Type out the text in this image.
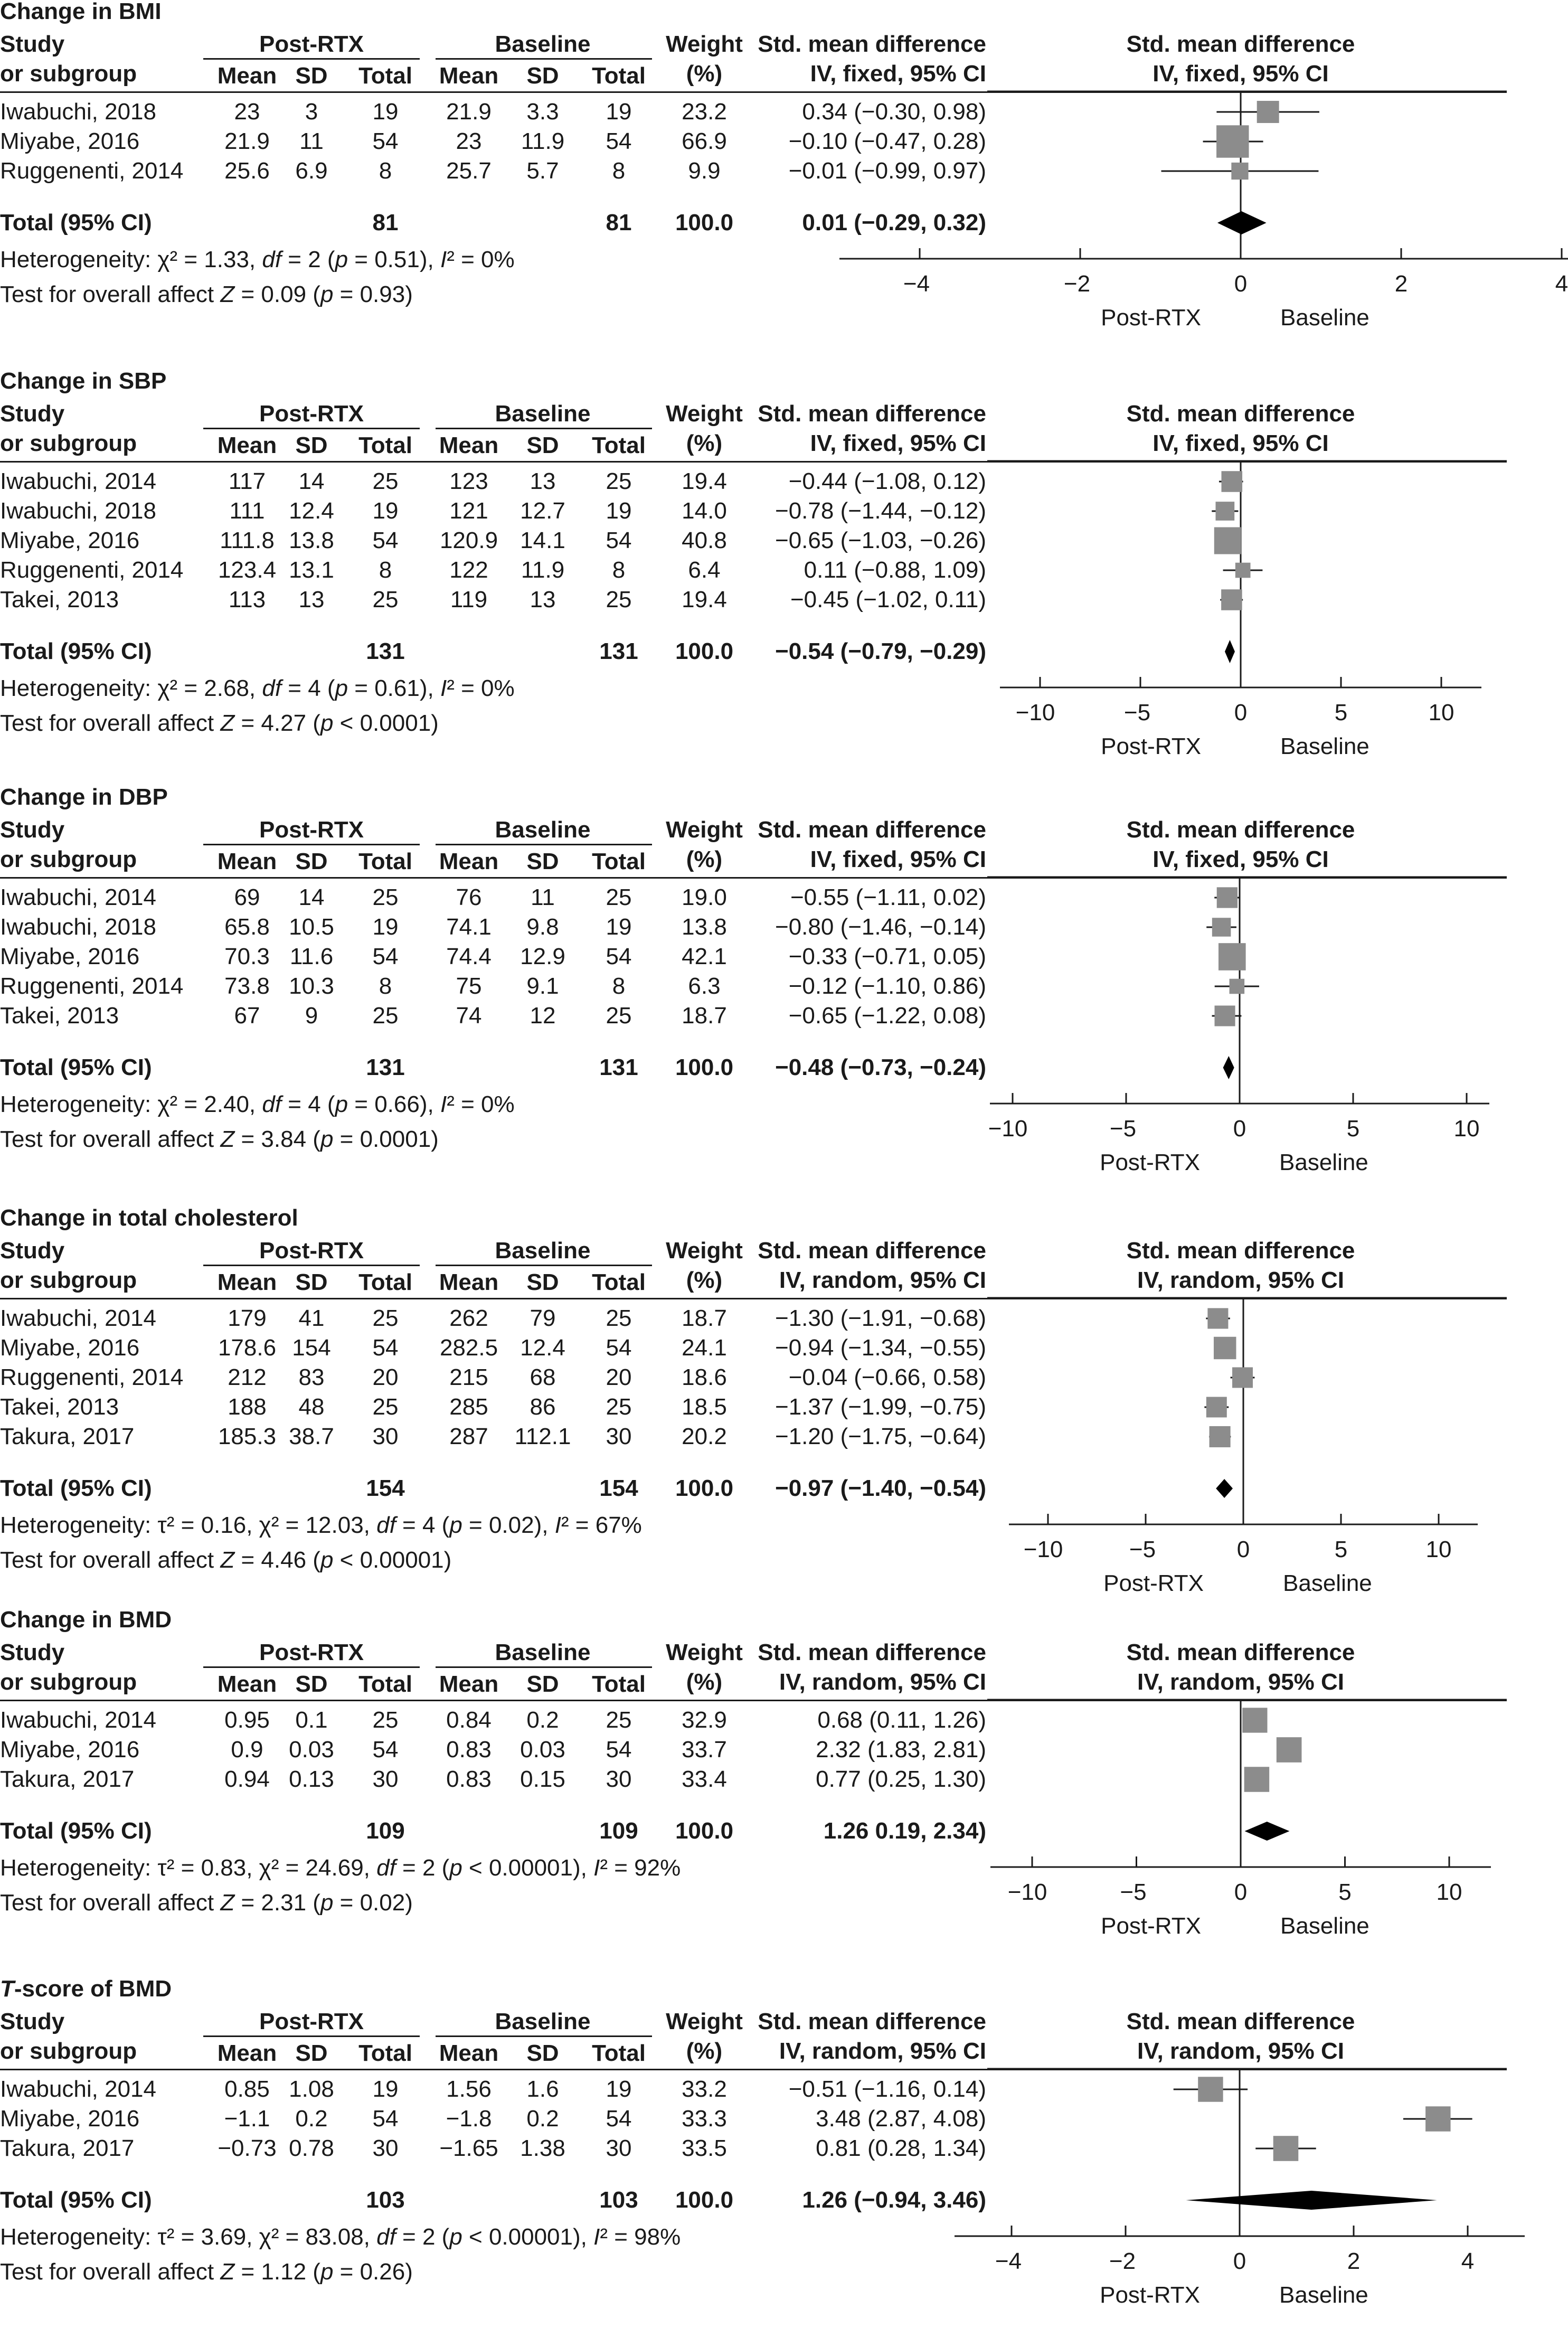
Change in BMI
Study
or subgroup
Post-RTX	Baseline
Mean SD Total Mean SD Total
Weight
(%)
Std. mean difference
IV, fixed, 95% CI
Std. mean difference
IV, fixed, 95% CI
Iwabuchi, 2018	23 3 19 21.9 3.3 19 23.2	0.34 (−0.30, 0.98)
Miyabe, 2016	21.9 11 54 23 11.9 54 66.9	−0.10 (−0.47, 0.28)
Ruggenenti, 2014 25.6 6.9 8 25.7 5.7 8	9.9	−0.01 (−0.99, 0.97)
Total (95% CI)	81	81 100.0	0.01 (−0.29, 0.32)
Heterogeneity: χ² = 1.33, df = 2 (p = 0.51), I² = 0%
Test for overall affect Z = 0.09 (p = 0.93)	−4	−2	0	2	4
Post-RTX	Baseline
Change in SBP
Study
or subgroup
Post-RTX	Baseline
Mean SD Total Mean SD Total
Weight
(%)
Std. mean difference
IV, fixed, 95% CI
Std. mean difference
IV, fixed, 95% CI
Iwabuchi, 2014	117 14 25 123 13 25 19.4	−0.44 (−1.08, 0.12)
Iwabuchi, 2018	111 12.4 19 121 12.7 19 14.0 −0.78 (−1.44, −0.12)
Miyabe, 2016	111.8 13.8 54 120.9 14.1 54 40.8 −0.65 (−1.03, −0.26)
Ruggenenti, 2014 123.4 13.1 8 122 11.9 8	6.4	0.11 (−0.88, 1.09)
Takei, 2013	113 13 25 119 13 25 19.4	−0.45 (−1.02, 0.11)
Total (95% CI)	131	131 100.0 −0.54 (−0.79, −0.29)
Heterogeneity: χ² = 2.68, df = 4 (p = 0.61), I² = 0%
Test for overall affect Z = 4.27 (p < 0.0001)	−10	−5	0	5	10
Post-RTX	Baseline
Change in DBP
Study
or subgroup
Post-RTX	Baseline
Mean SD Total Mean SD Total
Weight
(%)
Std. mean difference
IV, fixed, 95% CI
Std. mean difference
IV, fixed, 95% CI
Iwabuchi, 2014	69 14 25 76 11 25 19.0	−0.55 (−1.11, 0.02)
Iwabuchi, 2018	65.8 10.5 19 74.1 9.8 19 13.8 −0.80 (−1.46, −0.14)
Miyabe, 2016	70.3 11.6 54 74.4 12.9 54 42.1	−0.33 (−0.71, 0.05)
Ruggenenti, 2014 73.8 10.3 8	75 9.1 8	6.3	−0.12 (−1.10, 0.86)
Takei, 2013	67 9 25 74 12 25 18.7	−0.65 (−1.22, 0.08)
Total (95% CI)	131	131 100.0 −0.48 (−0.73, −0.24)
Heterogeneity: χ² = 2.40, df = 4 (p = 0.66), I² = 0%
Test for overall affect Z = 3.84 (p = 0.0001)	−10	−5	0	5	10
Post-RTX	Baseline
Change in total cholesterol
Study
or subgroup
Post-RTX	Baseline
Mean SD Total Mean SD Total
Weight
(%)
Std. mean difference
IV, random, 95% CI
Std. mean difference
IV, random, 95% CI
Iwabuchi, 2014	179 41 25 262 79 25 18.7 −1.30 (−1.91, −0.68)
Miyabe, 2016	178.6 154 54 282.5 12.4 54 24.1 −0.94 (−1.34, −0.55)
Ruggenenti, 2014 212 83 20 215 68 20 18.6	−0.04 (−0.66, 0.58)
Takei, 2013	188 48 25 285 86 25 18.5 −1.37 (−1.99, −0.75)
Takura, 2017	185.3 38.7 30 287 112.1 30 20.2 −1.20 (−1.75, −0.64)
Total (95% CI)	154	154 100.0 −0.97 (−1.40, −0.54)
Heterogeneity: τ² = 0.16, χ² = 12.03, df = 4 (p = 0.02), I² = 67%
Test for overall affect Z = 4.46 (p < 0.00001)	−10	−5	0	5	10
Post-RTX	Baseline
Change in BMD
Study
or subgroup
Post-RTX	Baseline
Mean SD Total Mean SD Total
Weight
(%)
Std. mean difference
IV, random, 95% CI
Std. mean difference
IV, random, 95% CI
Iwabuchi, 2014	0.95 0.1 25 0.84 0.2 25 32.9	0.68 (0.11, 1.26)
Miyabe, 2016	0.9 0.03 54 0.83 0.03 54 33.7	2.32 (1.83, 2.81)
Takura, 2017	0.94 0.13 30 0.83 0.15 30 33.4	0.77 (0.25, 1.30)
Total (95% CI)	109	109 100.0	1.26 0.19, 2.34)
Heterogeneity: τ² = 0.83, χ² = 24.69, df = 2 (p < 0.00001), I² = 92%
Test for overall affect Z = 2.31 (p = 0.02)	−10	−5	0	5	10
Post-RTX	Baseline
T-score of BMD
Study
or subgroup
Post-RTX	Baseline
Mean SD Total Mean SD Total
Weight
(%)
Std. mean difference
IV, random, 95% CI
Std. mean difference
IV, random, 95% CI
Iwabuchi, 2014	0.85 1.08 19 1.56 1.6 19 33.2	−0.51 (−1.16, 0.14)
Miyabe, 2016	−1.1 0.2 54 −1.8 0.2 54 33.3	3.48 (2.87, 4.08)
Takura, 2017	−0.73 0.78 30 −1.65 1.38 30 33.5	0.81 (0.28, 1.34)
Total (95% CI)	103	103 100.0	1.26 (−0.94, 3.46)
Heterogeneity: τ² = 3.69, χ² = 83.08, df = 2 (p < 0.00001), I² = 98%
Test for overall affect Z = 1.12 (p = 0.26)	−4	−2	0	2	4
Post-RTX	Baseline
